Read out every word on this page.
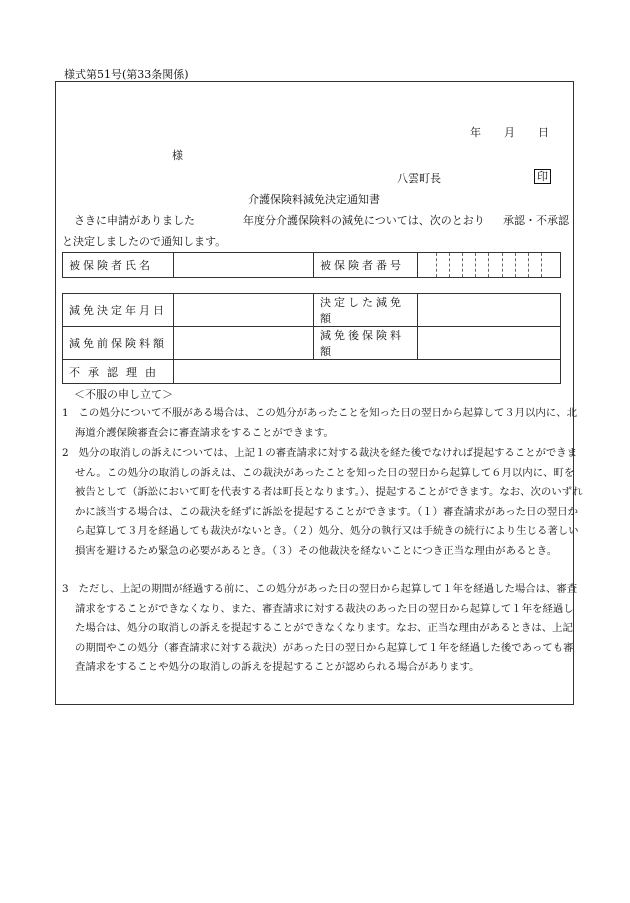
様式第51号(第33条関係)
年 月 日
様
八雲町長	印
介護保険料減免決定通知書
さきに申請がありました	年度分介護保険料の減免については、次のとおり 承認・不承認
と決定しましたので通知します。
被保険者氏名		被保険者番号	
減免決定年月日		決定した減免額	
減免前保険料額		減免後保険料額	
不承認理由			
＜不服の申し立て＞
1 この処分について不服がある場合は、この処分があったことを知った日の翌日から起算して３月以内に、北海道介護保険審査会に審査請求をすることができます。
2 処分の取消しの訴えについては、上記１の審査請求に対する裁決を経た後でなければ提起することができません。この処分の取消しの訴えは、この裁決があったことを知った日の翌日から起算して６月以内に、町を被告として（訴訟において町を代表する者は町長となります。）、提起することができます。なお、次のいずれかに該当する場合は、この裁決を経ずに訴訟を提起することができます。（１）審査請求があった日の翌日から起算して３月を経過しても裁決がないとき。（２）処分、処分の執行又は手続きの続行により生じる著しい損害を避けるため緊急の必要があるとき。（３）その他裁決を経ないことにつき正当な理由があるとき。
3 ただし、上記の期間が経過する前に、この処分があった日の翌日から起算して１年を経過した場合は、審査請求をすることができなくなり、また、審査請求に対する裁決のあった日の翌日から起算して１年を経過した場合は、処分の取消しの訴えを提起することができなくなります。なお、正当な理由があるときは、上記の期間やこの処分（審査請求に対する裁決）があった日の翌日から起算して１年を経過した後であっても審査請求をすることや処分の取消しの訴えを提起することが認められる場合があります。
